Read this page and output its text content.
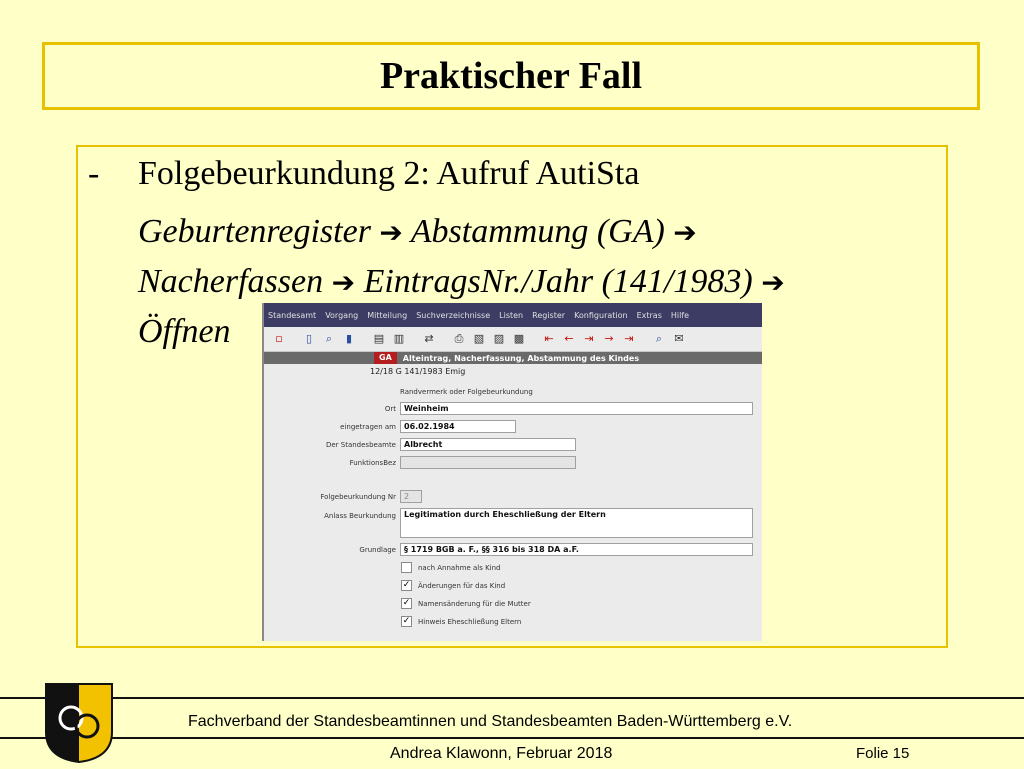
Praktischer Fall
- Folgebeurkundung 2: Aufruf AutiSta
Geburtenregister ➔ Abstammung (GA) ➔
Nacherfassen ➔ EintragsNr./Jahr (141/1983) ➔
Öffnen	Standesamt Vorgang Mitteilung Suchverzeichnisse Listen Register Konfiguration Extras Hilfe
▫	▯	⌕	▮	▤ ▥ ⇄ ⎙ ▧ ▨ ▩ ⇤ ← ⇥ → ⇥	⌕	✉
GA	Alteintrag, Nacherfassung, Abstammung des Kindes
12/18 G 141/1983 Emig
Randvermerk oder Folgebeurkundung
Ort	Weinheim
eingetragen am	06.02.1984
Der Standesbeamte	Albrecht
FunktionsBez
Folgebeurkundung Nr	2
Anlass Beurkundung	Legitimation durch Eheschließung der Eltern
Grundlage	§ 1719 BGB a. F., §§ 316 bis 318 DA a.F.
nach Annahme als Kind
✓ Änderungen für das Kind
✓ Namensänderung für die Mutter
✓ Hinweis Eheschließung Eltern
Fachverband der Standesbeamtinnen und Standesbeamten Baden-Württemberg e.V.
Andrea Klawonn, Februar 2018	Folie 15
